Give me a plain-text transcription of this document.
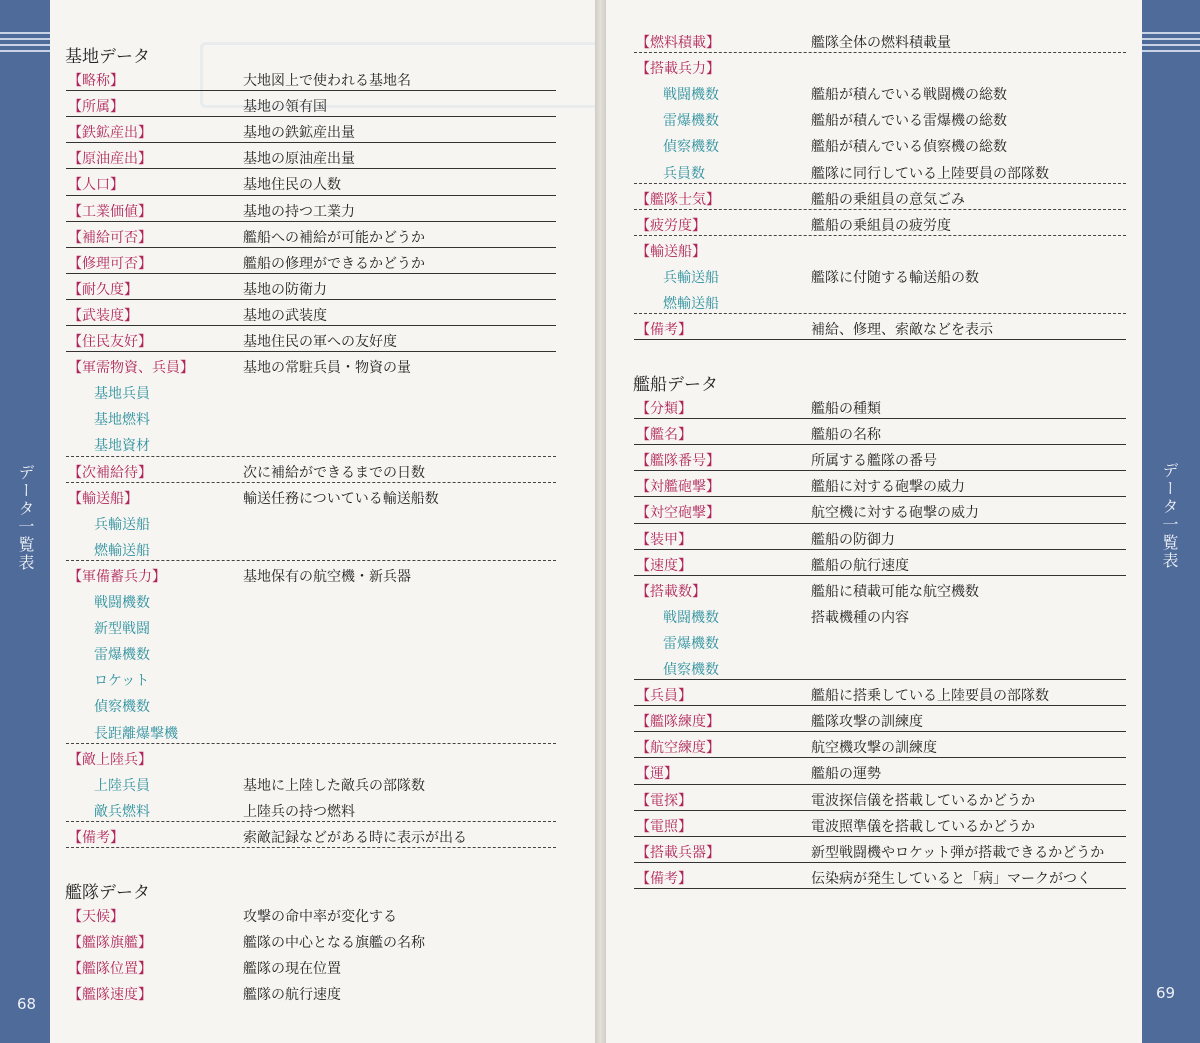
データ一覧表
68
基地データ
艦隊データ
【略称】	大地図上で使われる基地名
【所属】	基地の領有国
【鉄鉱産出】	基地の鉄鉱産出量
【原油産出】	基地の原油産出量
【人口】	基地住民の人数
【工業価値】	基地の持つ工業力
【補給可否】	艦船への補給が可能かどうか
【修理可否】	艦船の修理ができるかどうか
【耐久度】	基地の防衛力
【武装度】	基地の武装度
【住民友好】	基地住民の軍への友好度
【軍需物資、兵員】	基地の常駐兵員・物資の量
基地兵員
基地燃料
基地資材
【次補給待】	次に補給ができるまでの日数
【輸送船】	輸送任務についている輸送船数
兵輸送船
燃輸送船
【軍備蓄兵力】	基地保有の航空機・新兵器
戦闘機数
新型戦闘
雷爆機数
ロケット
偵察機数
長距離爆撃機
【敵上陸兵】
上陸兵員	基地に上陸した敵兵の部隊数
敵兵燃料	上陸兵の持つ燃料
【備考】	索敵記録などがある時に表示が出る
【天候】	攻撃の命中率が変化する
【艦隊旗艦】	艦隊の中心となる旗艦の名称
【艦隊位置】	艦隊の現在位置
【艦隊速度】	艦隊の航行速度
艦船データ
【燃料積載】	艦隊全体の燃料積載量
【搭載兵力】
戦闘機数	艦船が積んでいる戦闘機の総数
雷爆機数	艦船が積んでいる雷爆機の総数
偵察機数	艦船が積んでいる偵察機の総数
兵員数	艦隊に同行している上陸要員の部隊数
【艦隊士気】	艦船の乗組員の意気ごみ
【疲労度】	艦船の乗組員の疲労度
【輸送船】
兵輸送船	艦隊に付随する輸送船の数
燃輸送船
【備考】	補給、修理、索敵などを表示
【分類】	艦船の種類
【艦名】	艦船の名称
【艦隊番号】	所属する艦隊の番号
【対艦砲撃】	艦船に対する砲撃の威力
【対空砲撃】	航空機に対する砲撃の威力
【装甲】	艦船の防御力
【速度】	艦船の航行速度
【搭載数】	艦船に積載可能な航空機数
戦闘機数	搭載機種の内容
雷爆機数
偵察機数
【兵員】	艦船に搭乗している上陸要員の部隊数
【艦隊練度】	艦隊攻撃の訓練度
【航空練度】	航空機攻撃の訓練度
【運】	艦船の運勢
【電探】	電波探信儀を搭載しているかどうか
【電照】	電波照準儀を搭載しているかどうか
【搭載兵器】	新型戦闘機やロケット弾が搭載できるかどうか
【備考】	伝染病が発生していると「病」マークがつく
データ一覧表
69
